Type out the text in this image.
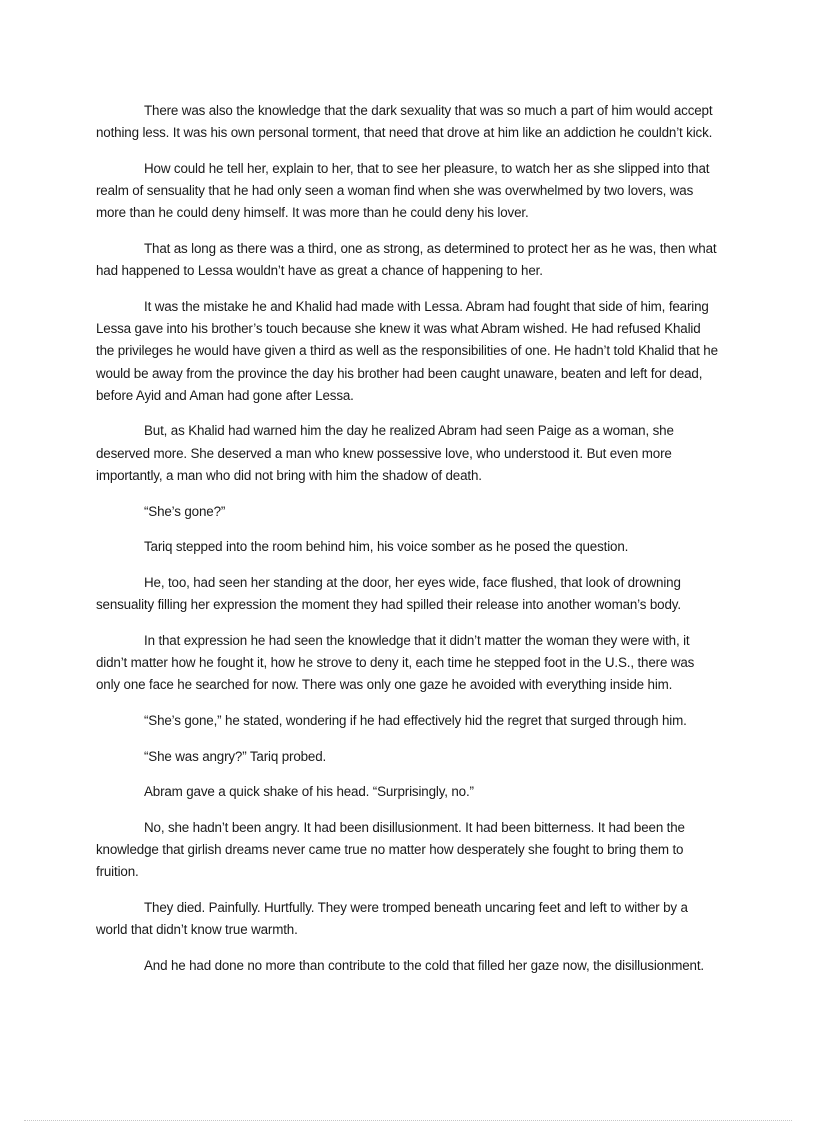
There was also the knowledge that the dark sexuality that was so much a part of him would accept nothing less. It was his own personal torment, that need that drove at him like an addiction he couldn’t kick.

How could he tell her, explain to her, that to see her pleasure, to watch her as she slipped into that realm of sensuality that he had only seen a woman find when she was overwhelmed by two lovers, was more than he could deny himself. It was more than he could deny his lover.

That as long as there was a third, one as strong, as determined to protect her as he was, then what had happened to Lessa wouldn’t have as great a chance of happening to her.

It was the mistake he and Khalid had made with Lessa. Abram had fought that side of him, fearing Lessa gave into his brother’s touch because she knew it was what Abram wished. He had refused Khalid the privileges he would have given a third as well as the responsibilities of one. He hadn’t told Khalid that he would be away from the province the day his brother had been caught unaware, beaten and left for dead, before Ayid and Aman had gone after Lessa.

But, as Khalid had warned him the day he realized Abram had seen Paige as a woman, she deserved more. She deserved a man who knew possessive love, who understood it. But even more importantly, a man who did not bring with him the shadow of death.

“She’s gone?”

Tariq stepped into the room behind him, his voice somber as he posed the question.

He, too, had seen her standing at the door, her eyes wide, face flushed, that look of drowning sensuality filling her expression the moment they had spilled their release into another woman’s body.

In that expression he had seen the knowledge that it didn’t matter the woman they were with, it didn’t matter how he fought it, how he strove to deny it, each time he stepped foot in the U.S., there was only one face he searched for now. There was only one gaze he avoided with everything inside him.

“She’s gone,” he stated, wondering if he had effectively hid the regret that surged through him.

“She was angry?” Tariq probed.

Abram gave a quick shake of his head. “Surprisingly, no.”

No, she hadn’t been angry. It had been disillusionment. It had been bitterness. It had been the knowledge that girlish dreams never came true no matter how desperately she fought to bring them to fruition.

They died. Painfully. Hurtfully. They were tromped beneath uncaring feet and left to wither by a world that didn’t know true warmth.

And he had done no more than contribute to the cold that filled her gaze now, the disillusionment.
